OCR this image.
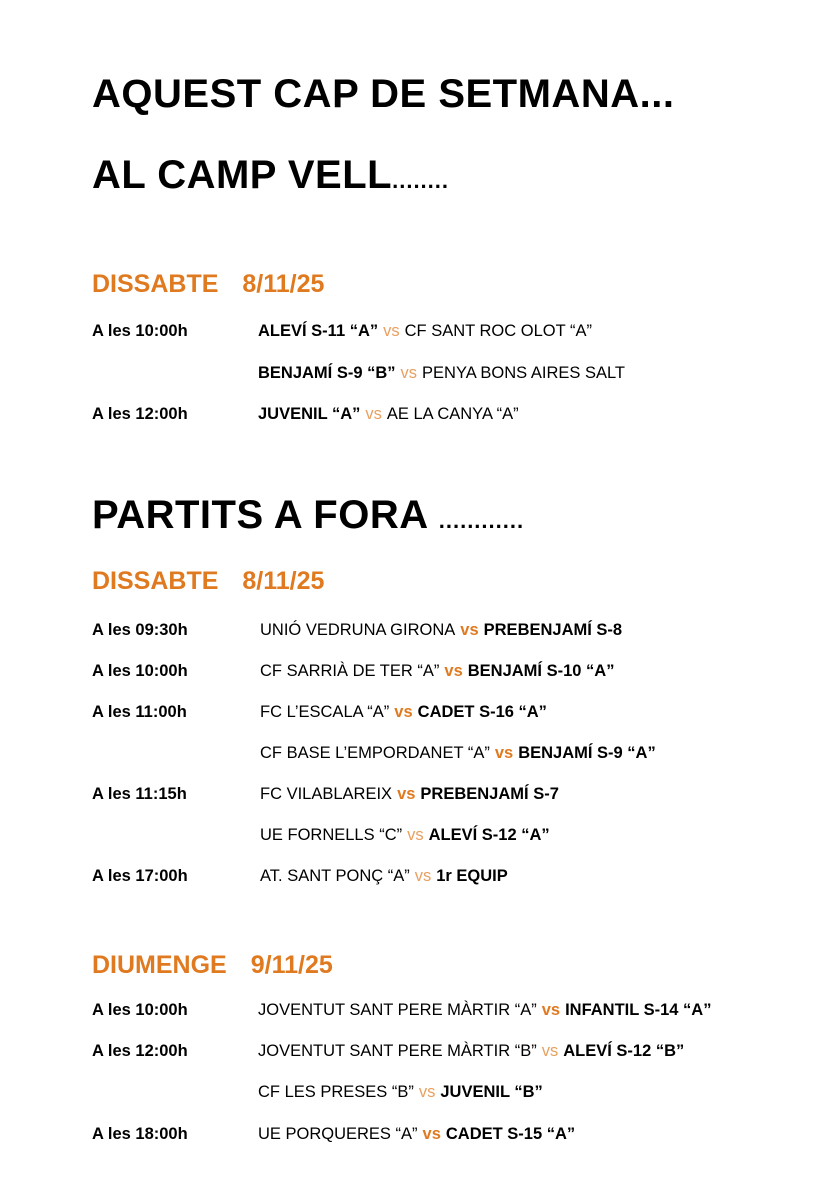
AQUEST CAP DE SETMANA...
AL CAMP VELL........
DISSABTE 8/11/25
A les 10:00h	ALEVÍ S-11 “A” vs CF SANT ROC OLOT “A”
BENJAMÍ S-9 “B” vs PENYA BONS AIRES SALT
A les 12:00h	JUVENIL “A” vs AE LA CANYA “A”
PARTITS A FORA ............
DISSABTE 8/11/25
A les 09:30h	UNIÓ VEDRUNA GIRONA vs PREBENJAMÍ S-8
A les 10:00h	CF SARRIÀ DE TER “A” vs BENJAMÍ S-10 “A”
A les 11:00h	FC L’ESCALA “A” vs CADET S-16 “A”
CF BASE L’EMPORDANET “A” vs BENJAMÍ S-9 “A”
A les 11:15h	FC VILABLAREIX vs PREBENJAMÍ S-7
UE FORNELLS “C” vs ALEVÍ S-12 “A”
A les 17:00h	AT. SANT PONÇ “A” vs 1r EQUIP
DIUMENGE 9/11/25
A les 10:00h	JOVENTUT SANT PERE MÀRTIR “A” vs INFANTIL S-14 “A”
A les 12:00h	JOVENTUT SANT PERE MÀRTIR “B” vs ALEVÍ S-12 “B”
CF LES PRESES “B” vs JUVENIL “B”
A les 18:00h	UE PORQUERES “A” vs CADET S-15 “A”
